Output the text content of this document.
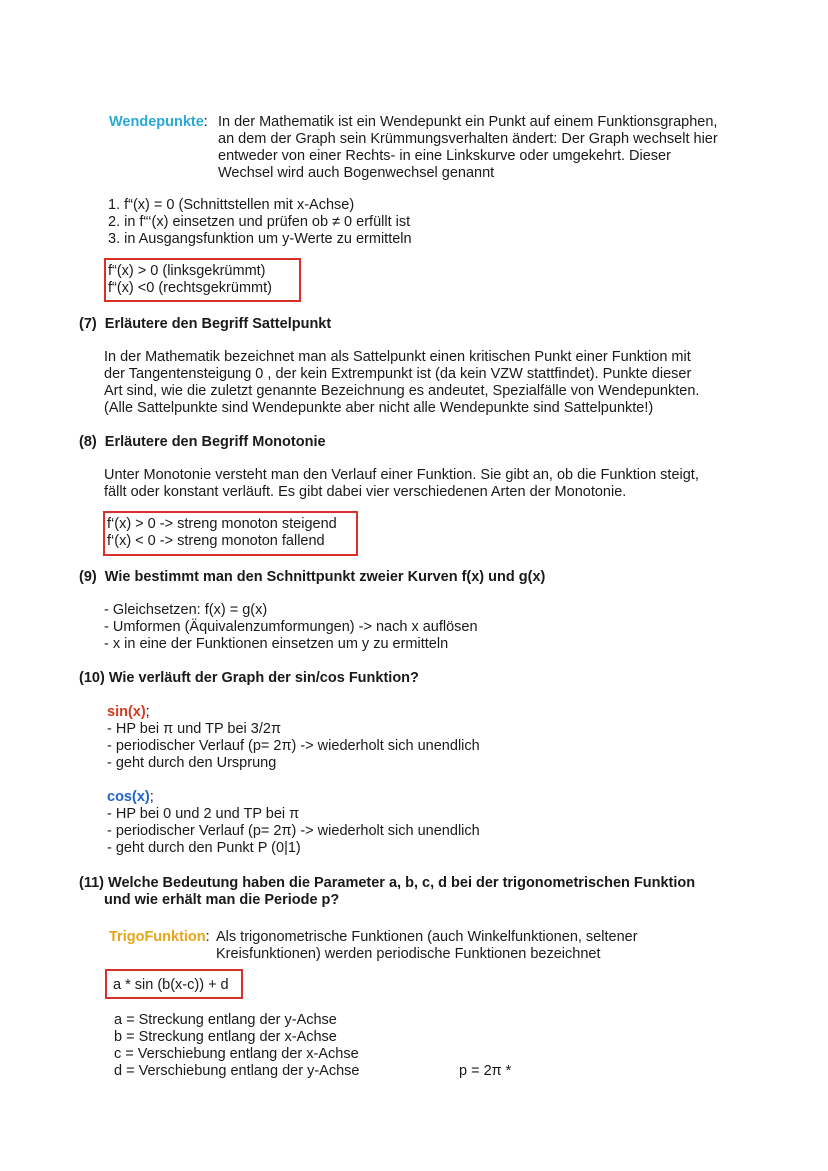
Wendepunkte: In der Mathematik ist ein Wendepunkt ein Punkt auf einem Funktionsgraphen,
an dem der Graph sein Krümmungsverhalten ändert: Der Graph wechselt hier
entweder von einer Rechts- in eine Linkskurve oder umgekehrt. Dieser
Wechsel wird auch Bogenwechsel genannt
1. f“(x) = 0 (Schnittstellen mit x-Achse)
2. in f“‘(x) einsetzen und prüfen ob ≠ 0 erfüllt ist
3. in Ausgangsfunktion um y-Werte zu ermitteln
f“(x) > 0 (linksgekrümmt)
f“(x) <0 (rechtsgekrümmt)
(7) Erläutere den Begriff Sattelpunkt
In der Mathematik bezeichnet man als Sattelpunkt einen kritischen Punkt einer Funktion mit
der Tangentensteigung 0 , der kein Extrempunkt ist (da kein VZW stattfindet). Punkte dieser
Art sind, wie die zuletzt genannte Bezeichnung es andeutet, Spezialfälle von Wendepunkten.
(Alle Sattelpunkte sind Wendepunkte aber nicht alle Wendepunkte sind Sattelpunkte!)
(8) Erläutere den Begriff Monotonie
Unter Monotonie versteht man den Verlauf einer Funktion. Sie gibt an, ob die Funktion steigt,
fällt oder konstant verläuft. Es gibt dabei vier verschiedenen Arten der Monotonie.
f‘(x) > 0 -> streng monoton steigend
f‘(x) < 0 -> streng monoton fallend
(9) Wie bestimmt man den Schnittpunkt zweier Kurven f(x) und g(x)
- Gleichsetzen: f(x) = g(x)
- Umformen (Äquivalenzumformungen) -> nach x auflösen
- x in eine der Funktionen einsetzen um y zu ermitteln
(10) Wie verläuft der Graph der sin/cos Funktion?
sin(x);
- HP bei π und TP bei 3/2π
- periodischer Verlauf (p= 2π) -> wiederholt sich unendlich
- geht durch den Ursprung
cos(x);
- HP bei 0 und 2 und TP bei π
- periodischer Verlauf (p= 2π) -> wiederholt sich unendlich
- geht durch den Punkt P (0|1)
(11) Welche Bedeutung haben die Parameter a, b, c, d bei der trigonometrischen Funktion
und wie erhält man die Periode p?
TrigoFunktion: Als trigonometrische Funktionen (auch Winkelfunktionen, seltener
Kreisfunktionen) werden periodische Funktionen bezeichnet
a * sin (b(x-c)) + d
a = Streckung entlang der y-Achse
b = Streckung entlang der x-Achse
c = Verschiebung entlang der x-Achse
d = Verschiebung entlang der y-Achse	p = 2π *
